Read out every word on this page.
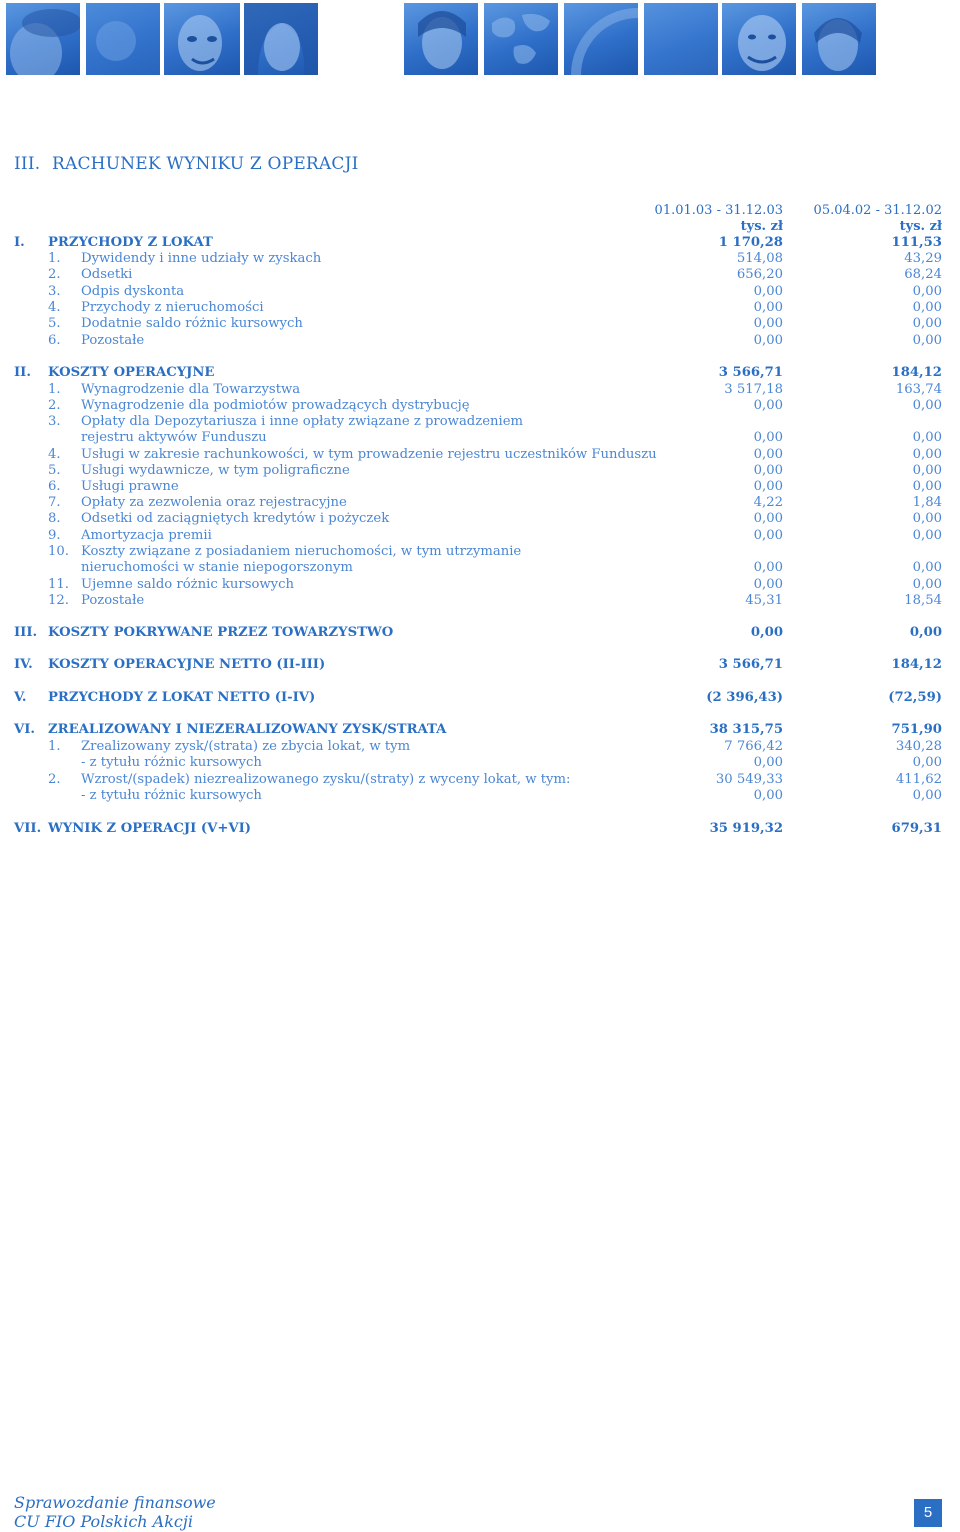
III. RACHUNEK WYNIKU Z OPERACJI
01.01.03 - 31.12.03
tys. zł
05.04.02 - 31.12.02
tys. zł
I. PRZYCHODY Z LOKAT	1 170,28	111,53
1. Dywidendy i inne udziały w zyskach	514,08	43,29
2. Odsetki	656,20	68,24
3. Odpis dyskonta	0,00	0,00
4. Przychody z nieruchomości	0,00	0,00
5. Dodatnie saldo różnic kursowych	0,00	0,00
6. Pozostałe	0,00	0,00
II. KOSZTY OPERACYJNE	3 566,71	184,12
1. Wynagrodzenie dla Towarzystwa	3 517,18	163,74
2. Wynagrodzenie dla podmiotów prowadzących dystrybucję	0,00	0,00
3. Opłaty dla Depozytariusza i inne opłaty związane z prowadzeniem
rejestru aktywów Funduszu	0,00	0,00
4. Usługi w zakresie rachunkowości, w tym prowadzenie rejestru uczestników Funduszu	0,00	0,00
5. Usługi wydawnicze, w tym poligraficzne	0,00	0,00
6. Usługi prawne	0,00	0,00
7. Opłaty za zezwolenia oraz rejestracyjne	4,22	1,84
8. Odsetki od zaciągniętych kredytów i pożyczek	0,00	0,00
9. Amortyzacja premii	0,00	0,00
10. Koszty związane z posiadaniem nieruchomości, w tym utrzymanie
nieruchomości w stanie niepogorszonym	0,00	0,00
11. Ujemne saldo różnic kursowych	0,00	0,00
12. Pozostałe	45,31	18,54
III. KOSZTY POKRYWANE PRZEZ TOWARZYSTWO	0,00	0,00
IV. KOSZTY OPERACYJNE NETTO (II-III)	3 566,71	184,12
V. PRZYCHODY Z LOKAT NETTO (I-IV)	(2 396,43)	(72,59)
VI. ZREALIZOWANY I NIEZERALIZOWANY ZYSK/STRATA	38 315,75	751,90
1. Zrealizowany zysk/(strata) ze zbycia lokat, w tym	7 766,42	340,28
- z tytułu różnic kursowych	0,00	0,00
2. Wzrost/(spadek) niezrealizowanego zysku/(straty) z wyceny lokat, w tym:	30 549,33	411,62
- z tytułu różnic kursowych	0,00	0,00
VII. WYNIK Z OPERACJI (V+VI)	35 919,32	679,31
Sprawozdanie finansowe
CU FIO Polskich Akcji	5
